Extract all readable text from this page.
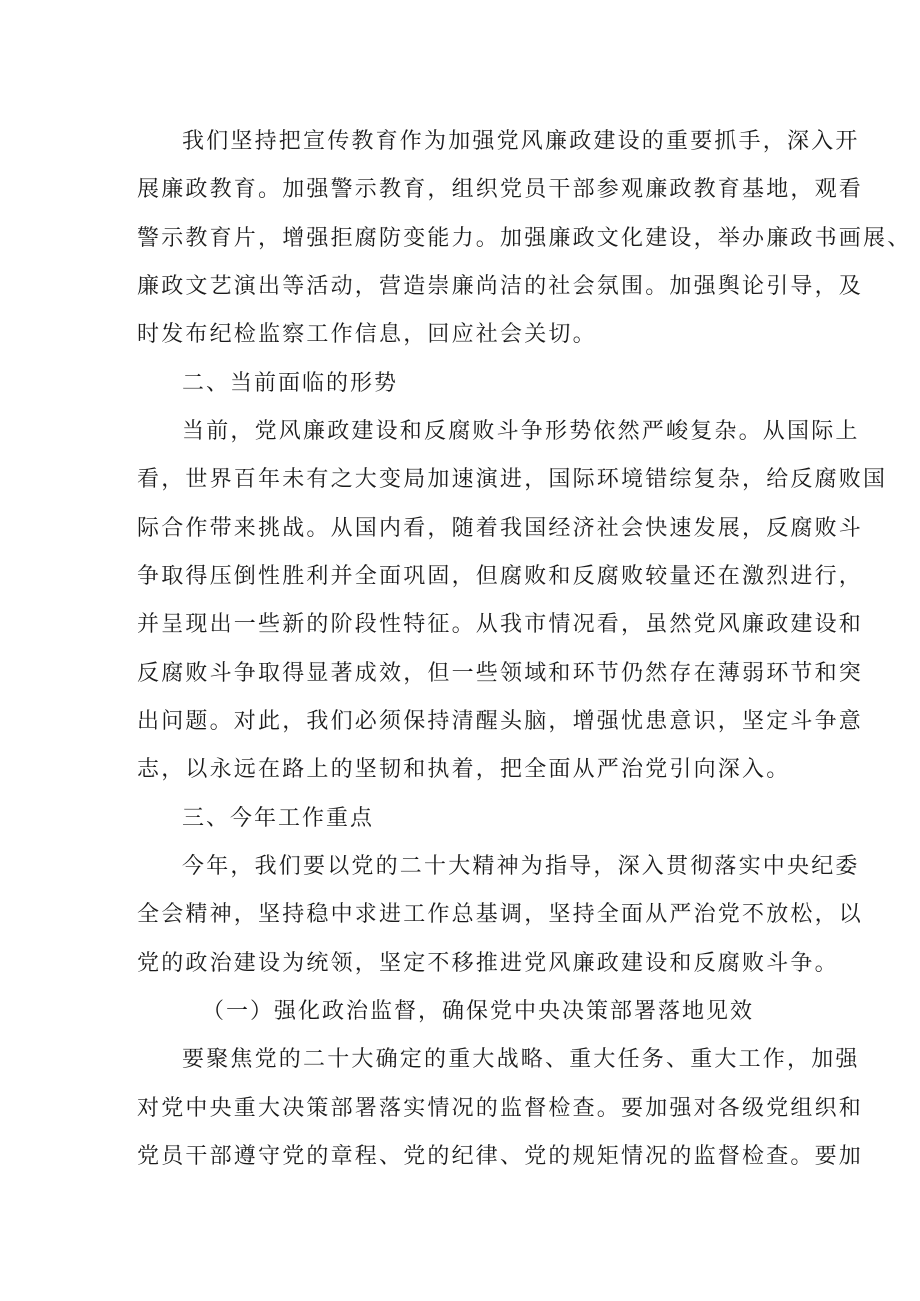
我们坚持把宣传教育作为加强党风廉政建设的重要抓手，深入开

展廉政教育。加强警示教育，组织党员干部参观廉政教育基地，观看

警示教育片，增强拒腐防变能力。加强廉政文化建设，举办廉政书画展、

廉政文艺演出等活动，营造崇廉尚洁的社会氛围。加强舆论引导，及

时发布纪检监察工作信息，回应社会关切。

二、当前面临的形势

当前，党风廉政建设和反腐败斗争形势依然严峻复杂。从国际上

看，世界百年未有之大变局加速演进，国际环境错综复杂，给反腐败国

际合作带来挑战。从国内看，随着我国经济社会快速发展，反腐败斗

争取得压倒性胜利并全面巩固，但腐败和反腐败较量还在激烈进行，

并呈现出一些新的阶段性特征。从我市情况看，虽然党风廉政建设和

反腐败斗争取得显著成效，但一些领域和环节仍然存在薄弱环节和突

出问题。对此，我们必须保持清醒头脑，增强忧患意识，坚定斗争意

志，以永远在路上的坚韧和执着，把全面从严治党引向深入。

三、今年工作重点

今年，我们要以党的二十大精神为指导，深入贯彻落实中央纪委

全会精神，坚持稳中求进工作总基调，坚持全面从严治党不放松，以

党的政治建设为统领，坚定不移推进党风廉政建设和反腐败斗争。

（一）强化政治监督，确保党中央决策部署落地见效

要聚焦党的二十大确定的重大战略、重大任务、重大工作，加强

对党中央重大决策部署落实情况的监督检查。要加强对各级党组织和

党员干部遵守党的章程、党的纪律、党的规矩情况的监督检查。要加
